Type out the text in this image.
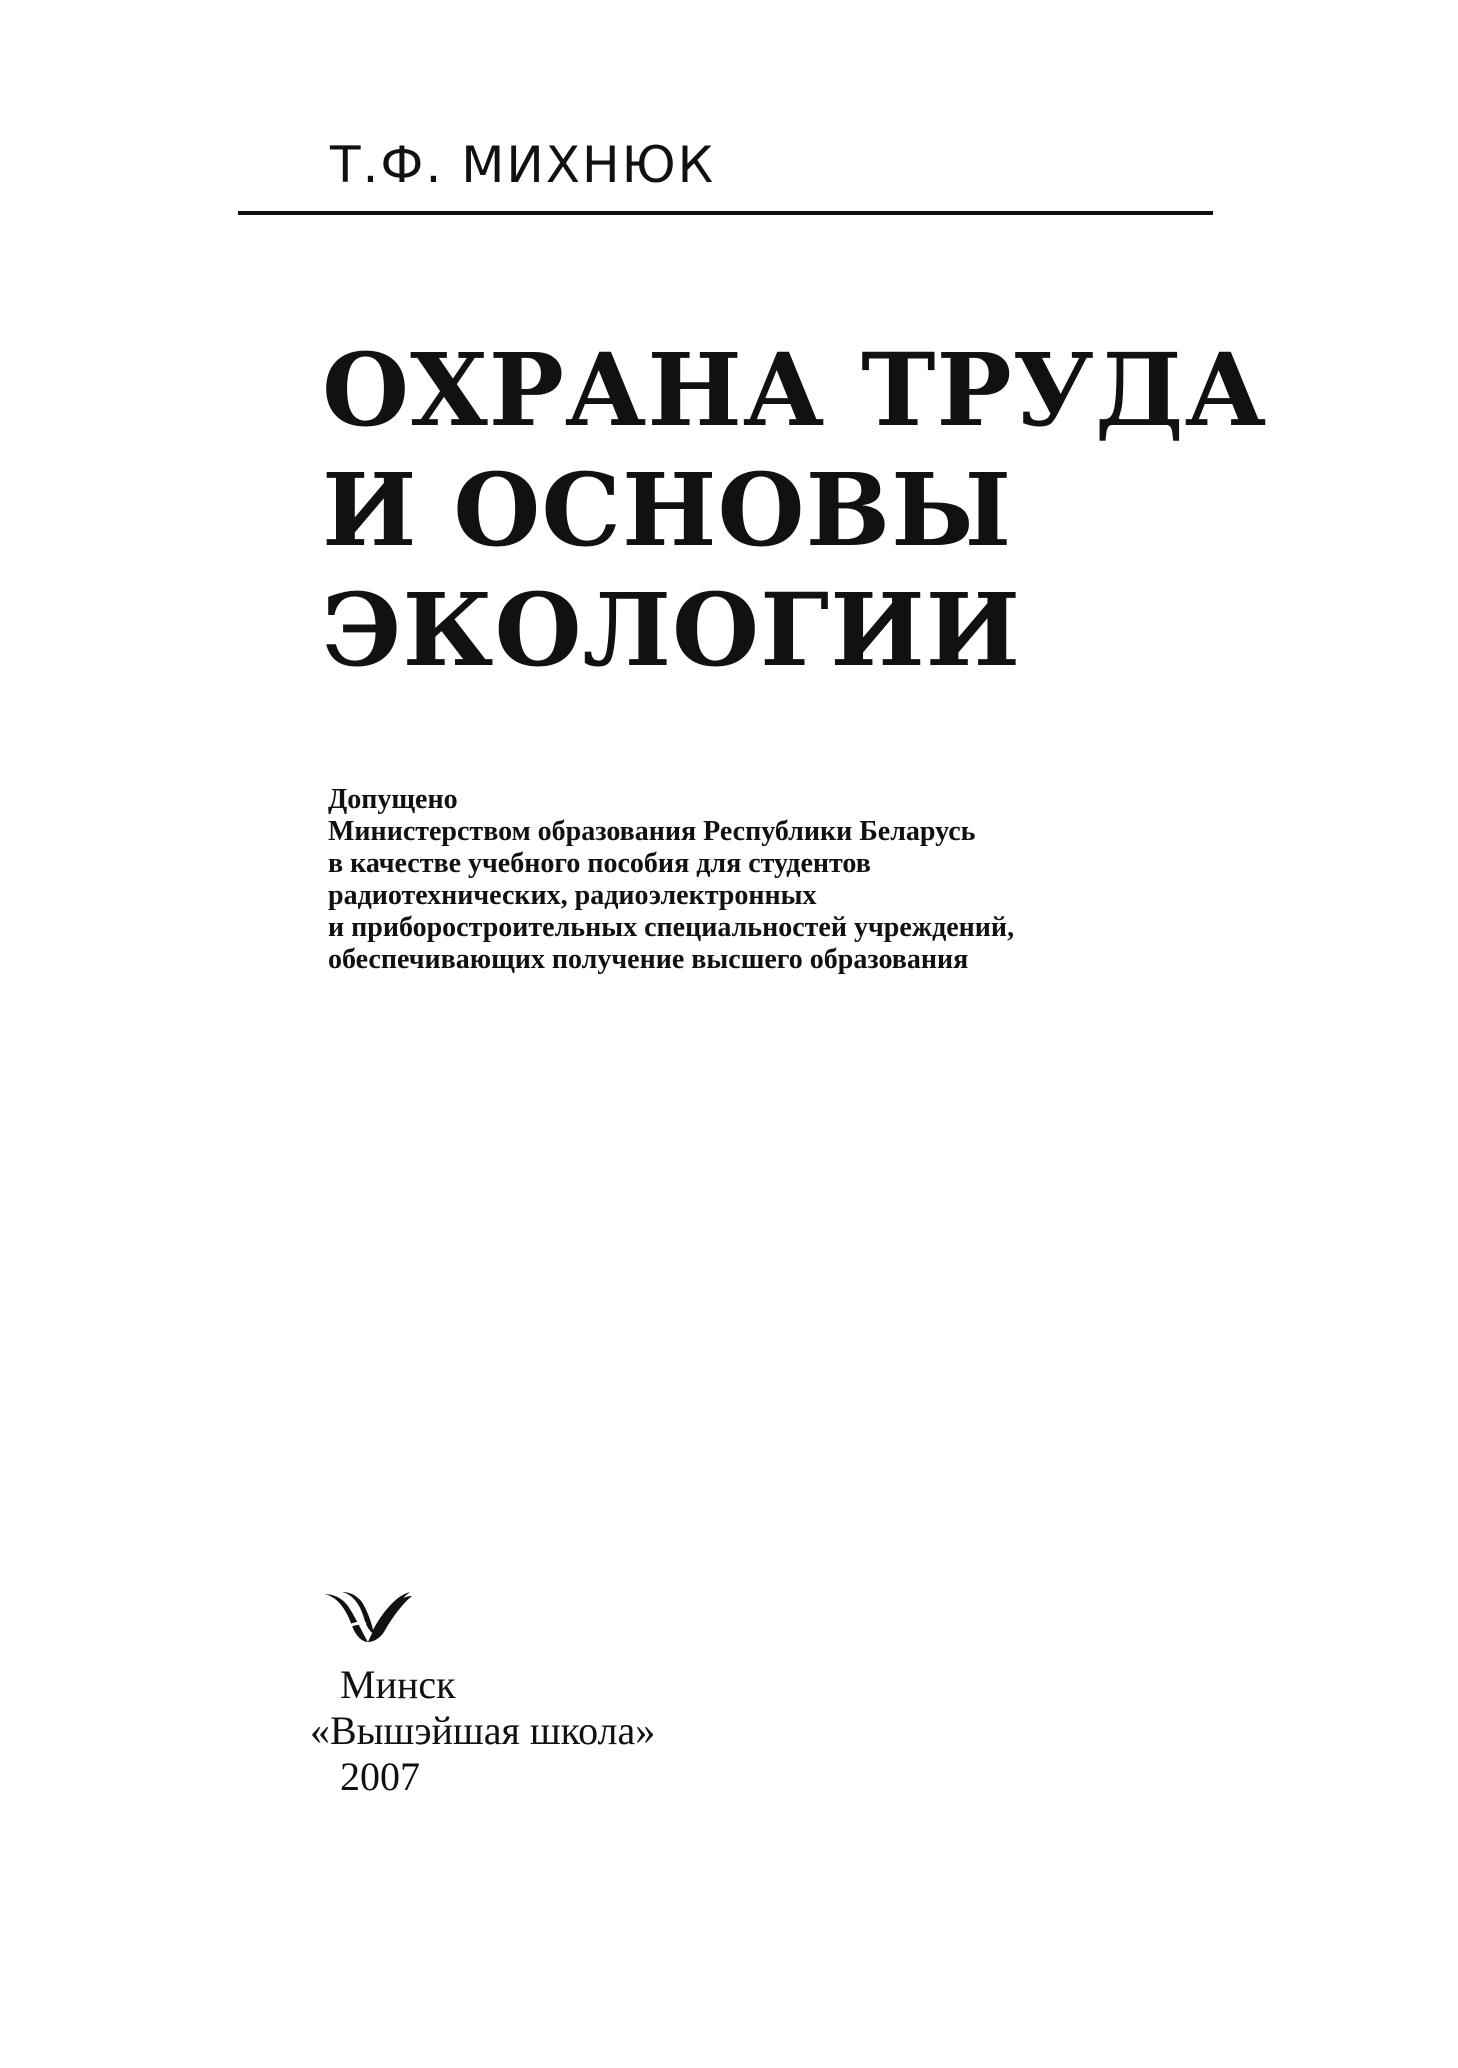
Т.Ф. МИХНЮК
ОХРАНА ТРУДА
И ОСНОВЫ
ЭКОЛОГИИ
Допущено
Министерством образования Республики Беларусь
в качестве учебного пособия для студентов
радиотехнических, радиоэлектронных
и приборостроительных специальностей учреждений,
обеспечивающих получение высшего образования
Минск
«Вышэйшая школа»
2007
